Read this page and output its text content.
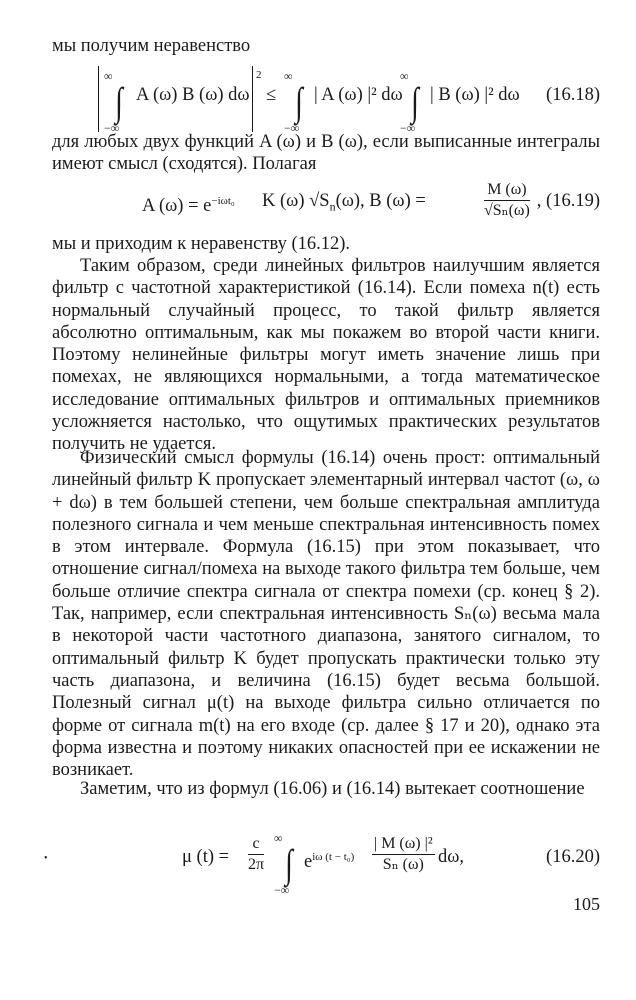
мы получим неравенство
∞
∫
−∞
A (ω) B (ω) dω
2
≤
∞
∫
−∞
| A (ω) |² dω
∞
∫
−∞
| B (ω) |² dω (16.18)
для любых двух функций A (ω) и B (ω), если выписанные интегралы имеют смысл (сходятся). Полагая
A $(\omega) = e^{-i\omega t_0}$ K (ω) $√S_n(\omega)$, B (ω) =	$\frac{M (\omega)}{\text{√Sₙ(ω)}}$ , (16.19)
мы и приходим к неравенству (16.12).
Таким образом, среди линейных фильтров наилучшим является фильтр с частотной характеристикой (16.14). Если помеха n(t) есть нормальный случайный процесс, то такой фильтр является абсолютно оптимальным, как мы покажем во второй части книги. Поэтому нелинейные фильтры могут иметь значение лишь при помехах, не являющихся нормальными, а тогда математическое исследование оптимальных фильтров и оптимальных приемников усложняется настолько, что ощутимых практических результатов получить не удается.
Физический смысл формулы (16.14) очень прост: оптимальный линейный фильтр K пропускает элементарный интервал частот (ω, ω + dω) в тем большей степени, чем больше спектральная амплитуда полезного сигнала и чем меньше спектральная интенсивность помех в этом интервале. Формула (16.15) при этом показывает, что отношение сигнал/помеха на выходе такого фильтра тем больше, чем больше отличие спектра сигнала от спектра помехи (ср. конец § 2). Так, например, если спектральная интенсивность Sₙ(ω) весьма мала в некоторой части частотного диапазона, занятого сигналом, то оптимальный фильтр K будет пропускать практически только эту часть диапазона, и величина (16.15) будет весьма большой. Полезный сигнал μ(t) на выходе фильтра сильно отличается по форме от сигнала m(t) на его входе (ср. далее § 17 и 20), однако эта форма известна и поэтому никаких опасностей при ее искажении не возникает.
Заметим, что из формул (16.06) и (16.14) вытекает соотношение
•	μ $(t) = \frac{c}{2\pi}$ ∞
∫
−∞
$e^{i\omega (t - t_0)} \frac{\text{| M (ω) |²}}{\text{Sₙ (ω)}} d\omega$,	(16.20)
105
